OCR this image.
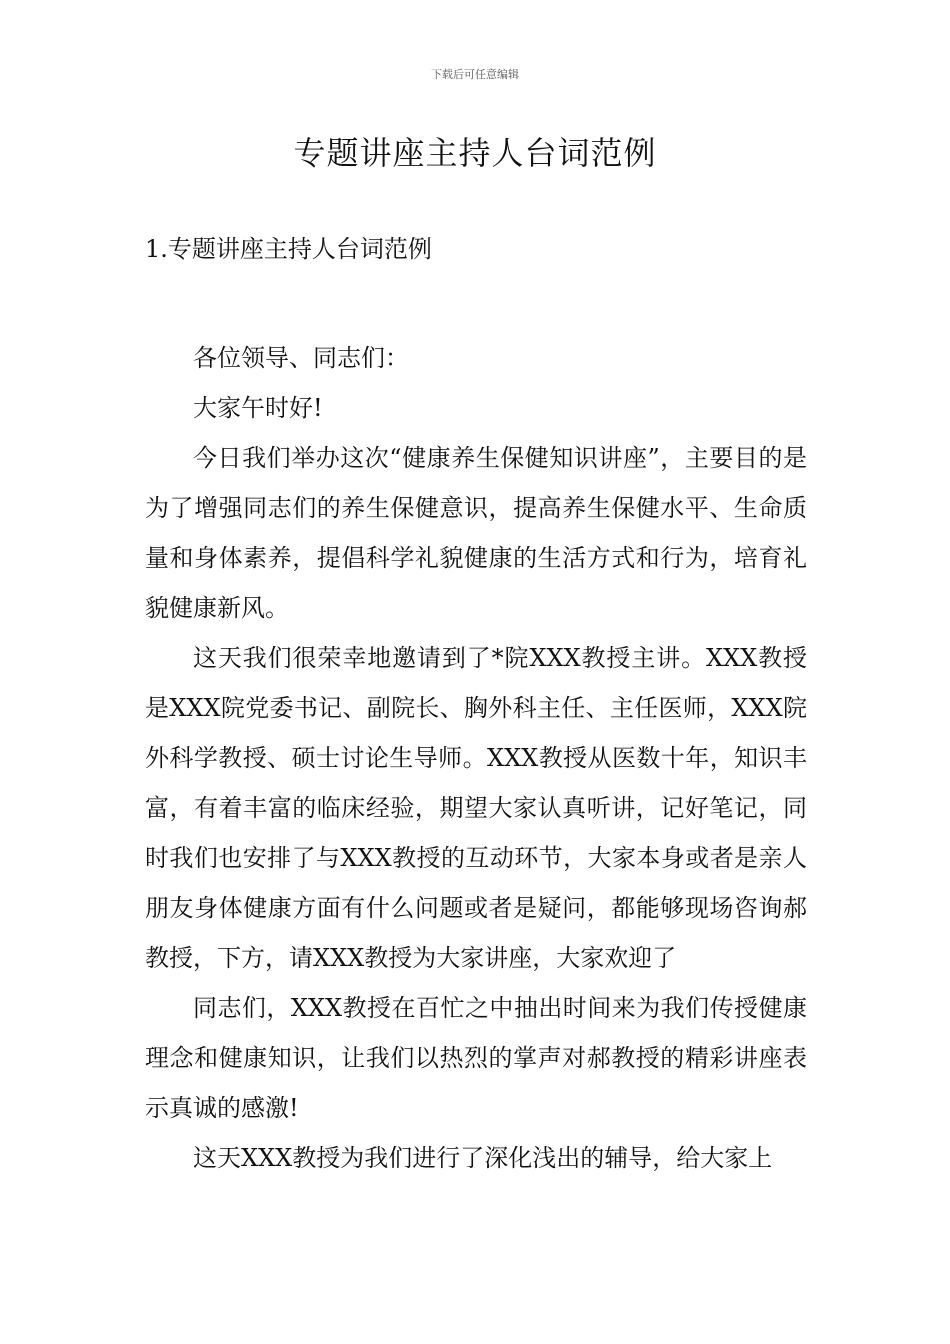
下载后可任意编辑
专题讲座主持人台词范例
1.专题讲座主持人台词范例

各位领导、同志们：

大家午时好!

今日我们举办这次“健康养生保健知识讲座”，主要目的是为了增强同志们的养生保健意识，提高养生保健水平、生命质量和身体素养，提倡科学礼貌健康的生活方式和行为，培育礼貌健康新风。

这天我们很荣幸地邀请到了*院XXX教授主讲。XXX教授是XXX院党委书记、副院长、胸外科主任、主任医师，XXX院外科学教授、硕士讨论生导师。XXX教授从医数十年，知识丰富，有着丰富的临床经验，期望大家认真听讲，记好笔记，同时我们也安排了与XXX教授的互动环节，大家本身或者是亲人朋友身体健康方面有什么问题或者是疑问，都能够现场咨询郝教授，下方，请XXX教授为大家讲座，大家欢迎了

同志们，XXX教授在百忙之中抽出时间来为我们传授健康理念和健康知识，让我们以热烈的掌声对郝教授的精彩讲座表示真诚的感激!

这天XXX教授为我们进行了深化浅出的辅导，给大家上
